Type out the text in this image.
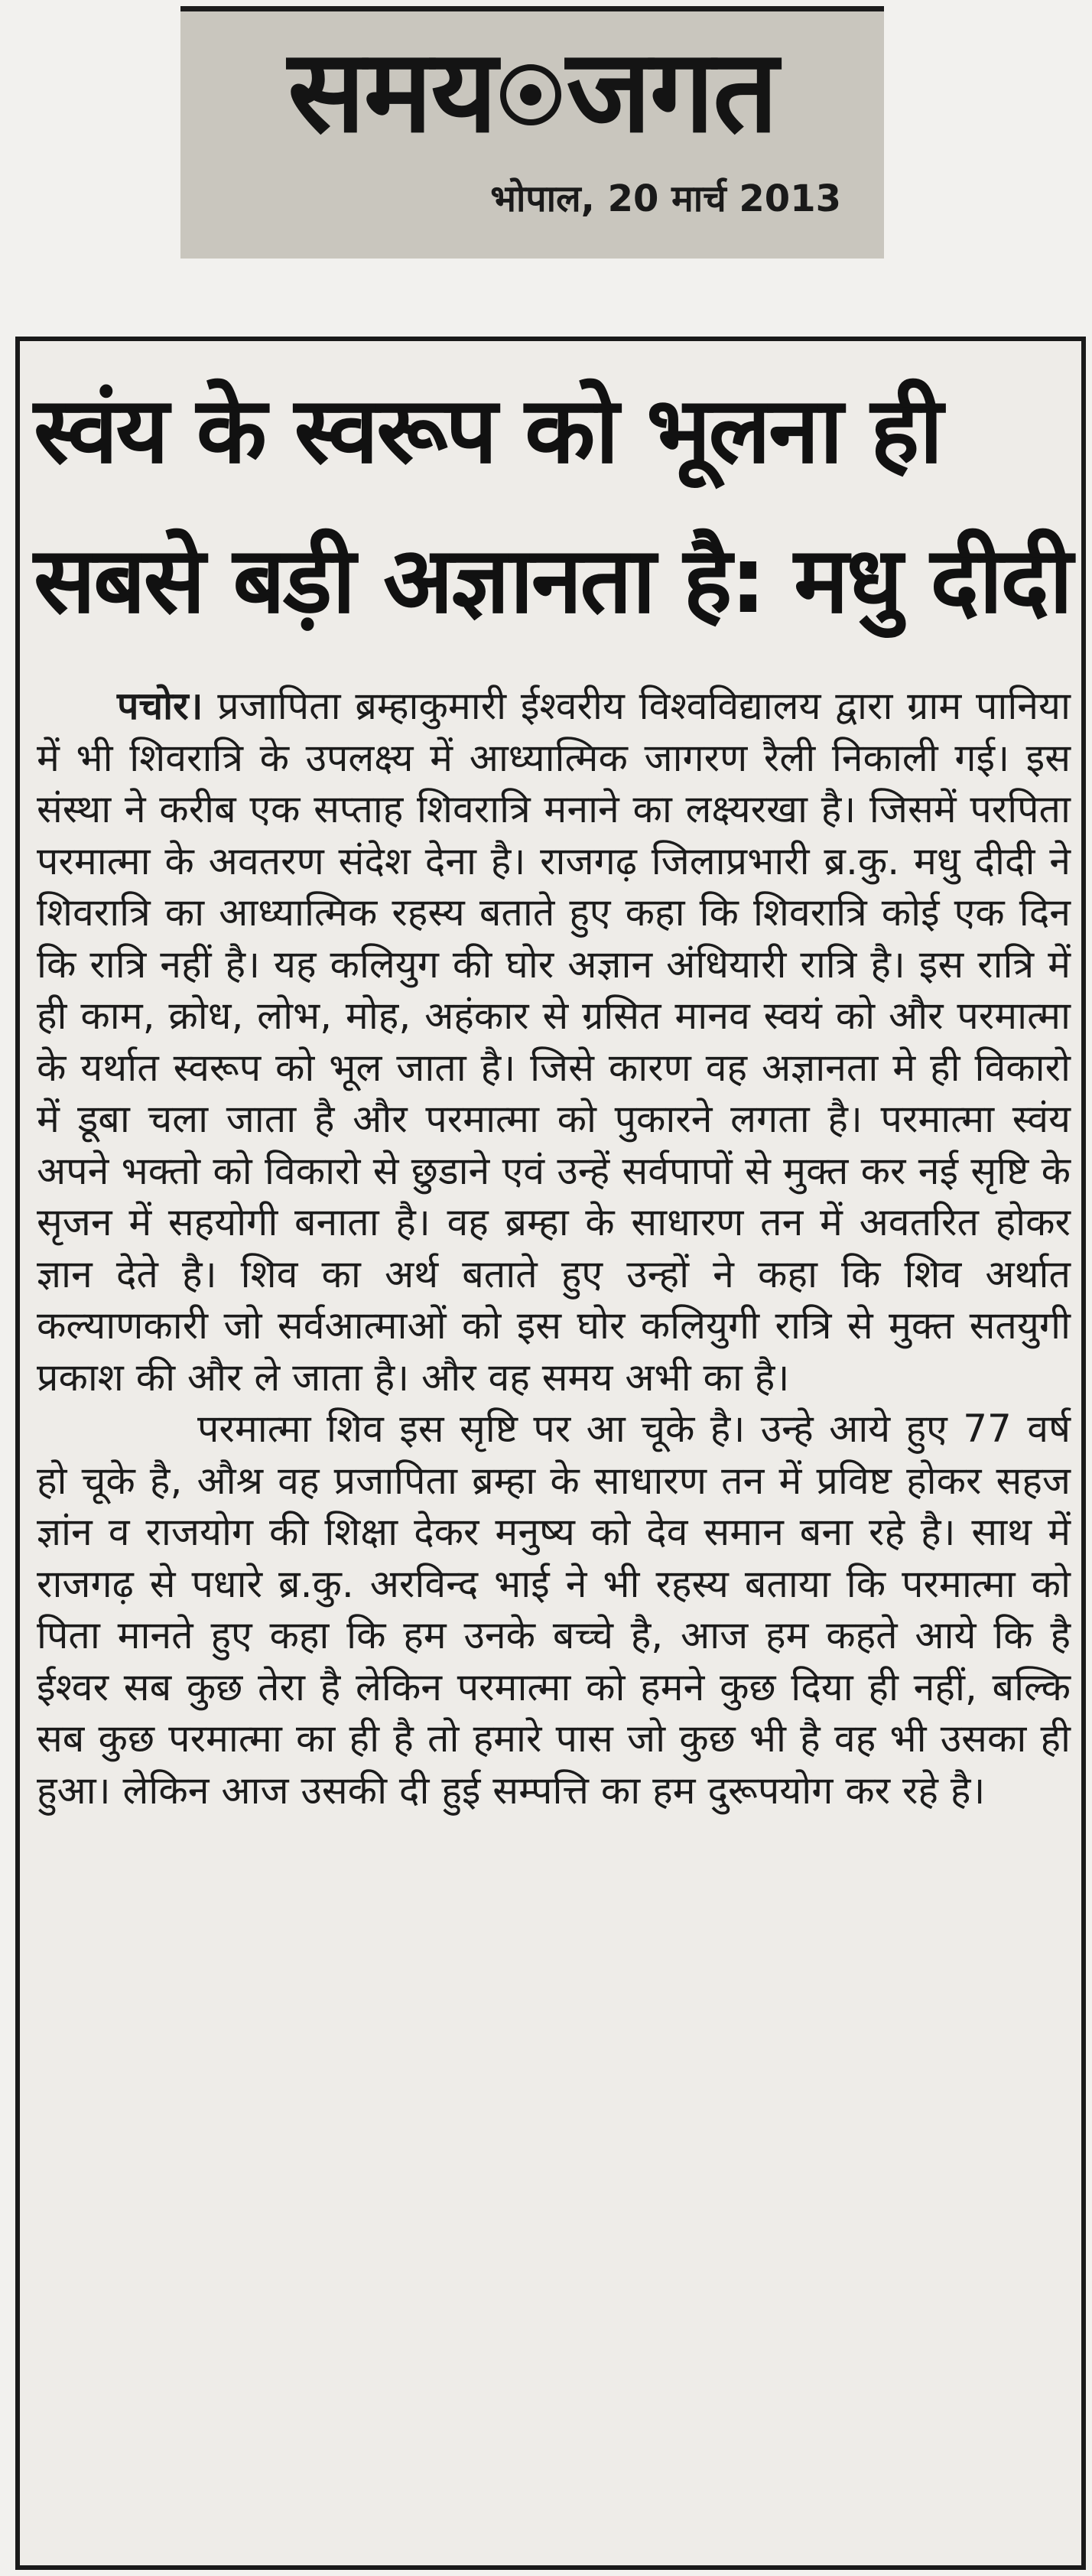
समय जगत
भोपाल, 20 मार्च 2013
स्वंय के स्वरूप को भूलना ही
सबसे बड़ी अज्ञानता है: मधु दीदी

पचोर। प्रजापिता ब्रम्हाकुमारी ईश्वरीय विश्वविद्यालय द्वारा ग्राम पानिया में भी शिवरात्रि के उपलक्ष्य में आध्यात्मिक जागरण रैली निकाली गई। इस संस्था ने करीब एक सप्ताह शिवरात्रि मनाने का लक्ष्यरखा है। जिसमें परपिता परमात्मा के अवतरण संदेश देना है। राजगढ़ जिलाप्रभारी ब्र.कु. मधु दीदी ने शिवरात्रि का आध्यात्मिक रहस्य बताते हुए कहा कि शिवरात्रि कोई एक दिन कि रात्रि नहीं है। यह कलियुग की घोर अज्ञान अंधियारी रात्रि है। इस रात्रि में ही काम, क्रोध, लोभ, मोह, अहंकार से ग्रसित मानव स्वयं को और परमात्मा के यर्थात स्वरूप को भूल जाता है। जिसे कारण वह अज्ञानता मे ही विकारो में डूबा चला जाता है और परमात्मा को पुकारने लगता है। परमात्मा स्वंय अपने भक्तो को विकारो से छुडाने एवं उन्हें सर्वपापों से मुक्त कर नई सृष्टि के सृजन में सहयोगी बनाता है। वह ब्रम्हा के साधारण तन में अवतरित होकर ज्ञान देते है। शिव का अर्थ बताते हुए उन्हों ने कहा कि शिव अर्थात कल्याणकारी जो सर्वआत्माओं को इस घोर कलियुगी रात्रि से मुक्त सतयुगी प्रकाश की और ले जाता है। और वह समय अभी का है।

परमात्मा शिव इस सृष्टि पर आ चूके है। उन्हे आये हुए 77 वर्ष हो चूके है, औश्र वह प्रजापिता ब्रम्हा के साधारण तन में प्रविष्ट होकर सहज ज्ञांन व राजयोग की शिक्षा देकर मनुष्य को देव समान बना रहे है। साथ में राजगढ़ से पधारे ब्र.कु. अरविन्द भाई ने भी रहस्य बताया कि परमात्मा को पिता मानते हुए कहा कि हम उनके बच्चे है, आज हम कहते आये कि है ईश्वर सब कुछ तेरा है लेकिन परमात्मा को हमने कुछ दिया ही नहीं, बल्कि सब कुछ परमात्मा का ही है तो हमारे पास जो कुछ भी है वह भी उसका ही हुआ। लेकिन आज उसकी दी हुई सम्पत्ति का हम दुरूपयोग कर रहे है।
